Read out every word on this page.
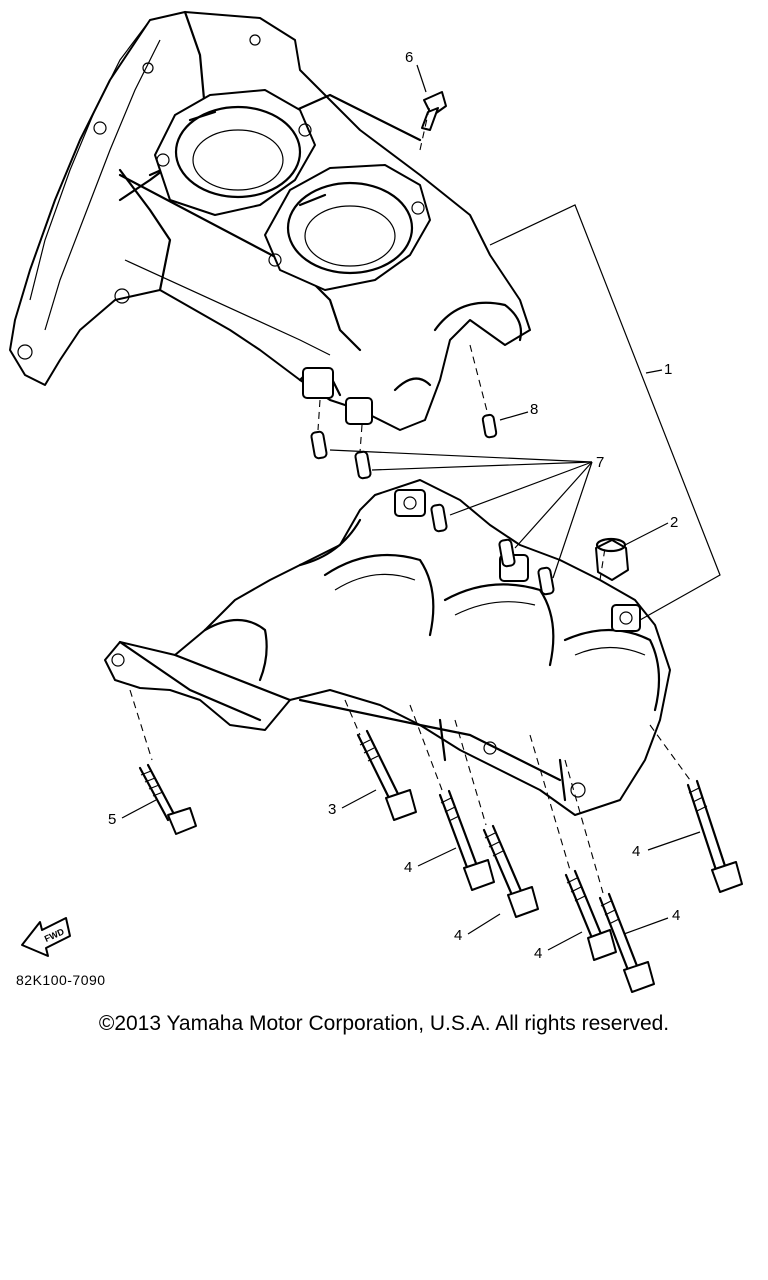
6
1
8
7
2
3
5
4
4
4
4
4
FWD
82K100-7090
©2013 Yamaha Motor Corporation, U.S.A. All rights reserved.
